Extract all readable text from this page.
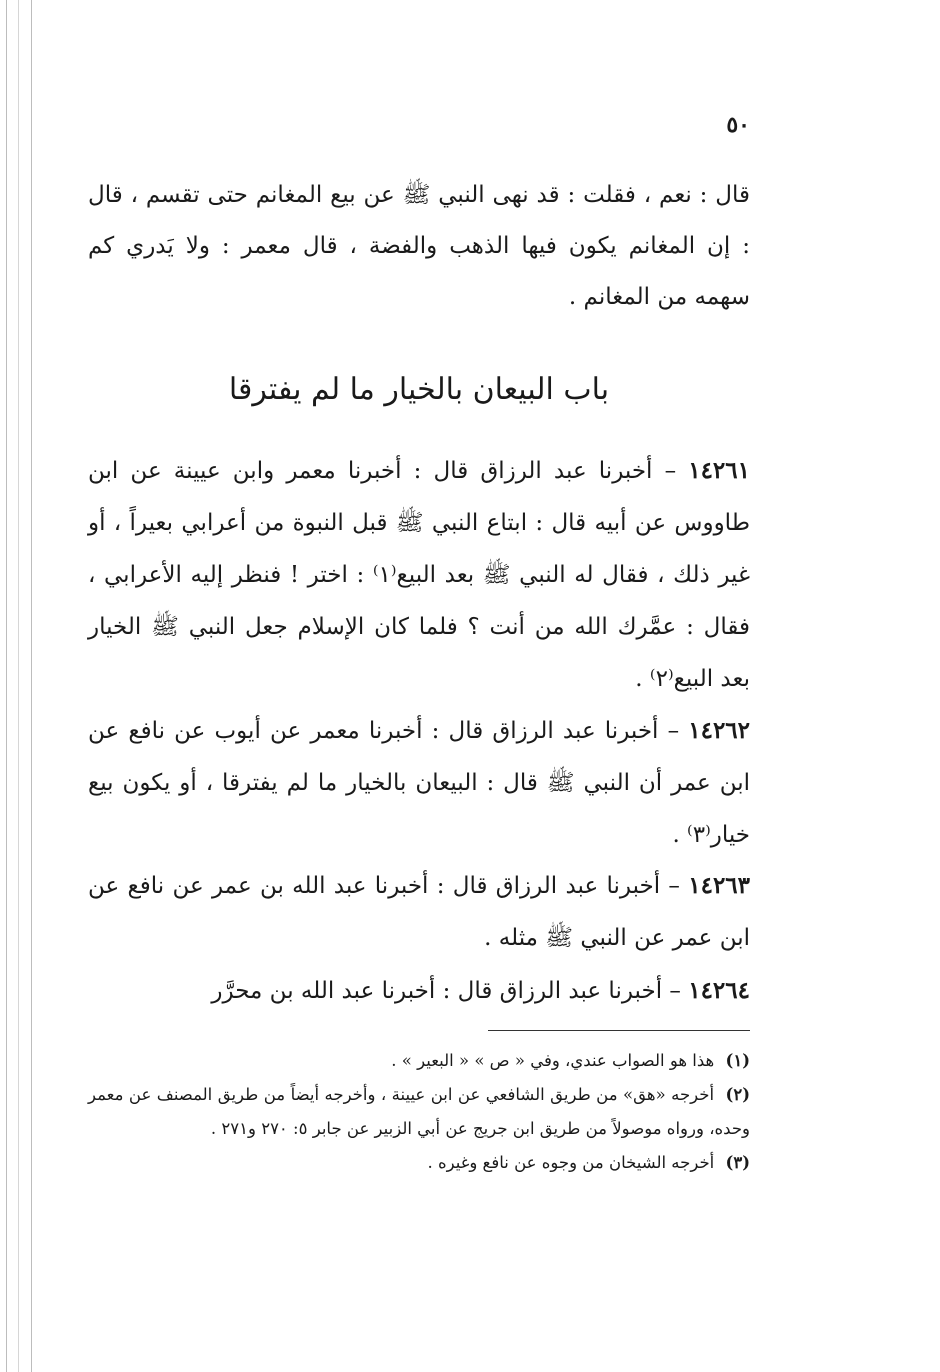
٥٠

قال : نعم ، فقلت : قد نهى النبي ﷺ عن بيع المغانم حتى تقسم ، قال : إن المغانم يكون فيها الذهب والفضة ، قال معمر : ولا يَدري كم سهمه من المغانم .

باب البيعان بالخيار ما لم يفترقا

١٤٢٦١ – أخبرنا عبد الرزاق قال : أخبرنا معمر وابن عيينة عن ابن طاووس عن أبيه قال : ابتاع النبي ﷺ قبل النبوة من أعرابي بعيراً ، أو غير ذلك ، فقال له النبي ﷺ بعد البيع⁽١⁾ : اختر ! فنظر إليه الأعرابي ، فقال : عمَّرك الله من أنت ؟ فلما كان الإسلام جعل النبي ﷺ الخيار بعد البيع⁽٢⁾ .

١٤٢٦٢ – أخبرنا عبد الرزاق قال : أخبرنا معمر عن أيوب عن نافع عن ابن عمر أن النبي ﷺ قال : البيعان بالخيار ما لم يفترقا ، أو يكون بيع خيار⁽٣⁾ .

١٤٢٦٣ – أخبرنا عبد الرزاق قال : أخبرنا عبد الله بن عمر عن نافع عن ابن عمر عن النبي ﷺ مثله .

١٤٢٦٤ – أخبرنا عبد الرزاق قال : أخبرنا عبد الله بن محرَّر

(١) هذا هو الصواب عندي، وفي « ص » « البعير » .
(٢) أخرجه «هق» من طريق الشافعي عن ابن عيينة ، وأخرجه أيضاً من طريق المصنف عن معمر وحده، ورواه موصولاً من طريق ابن جريج عن أبي الزبير عن جابر ٥: ٢٧٠ و٢٧١ .
(٣) أخرجه الشيخان من وجوه عن نافع وغيره .
